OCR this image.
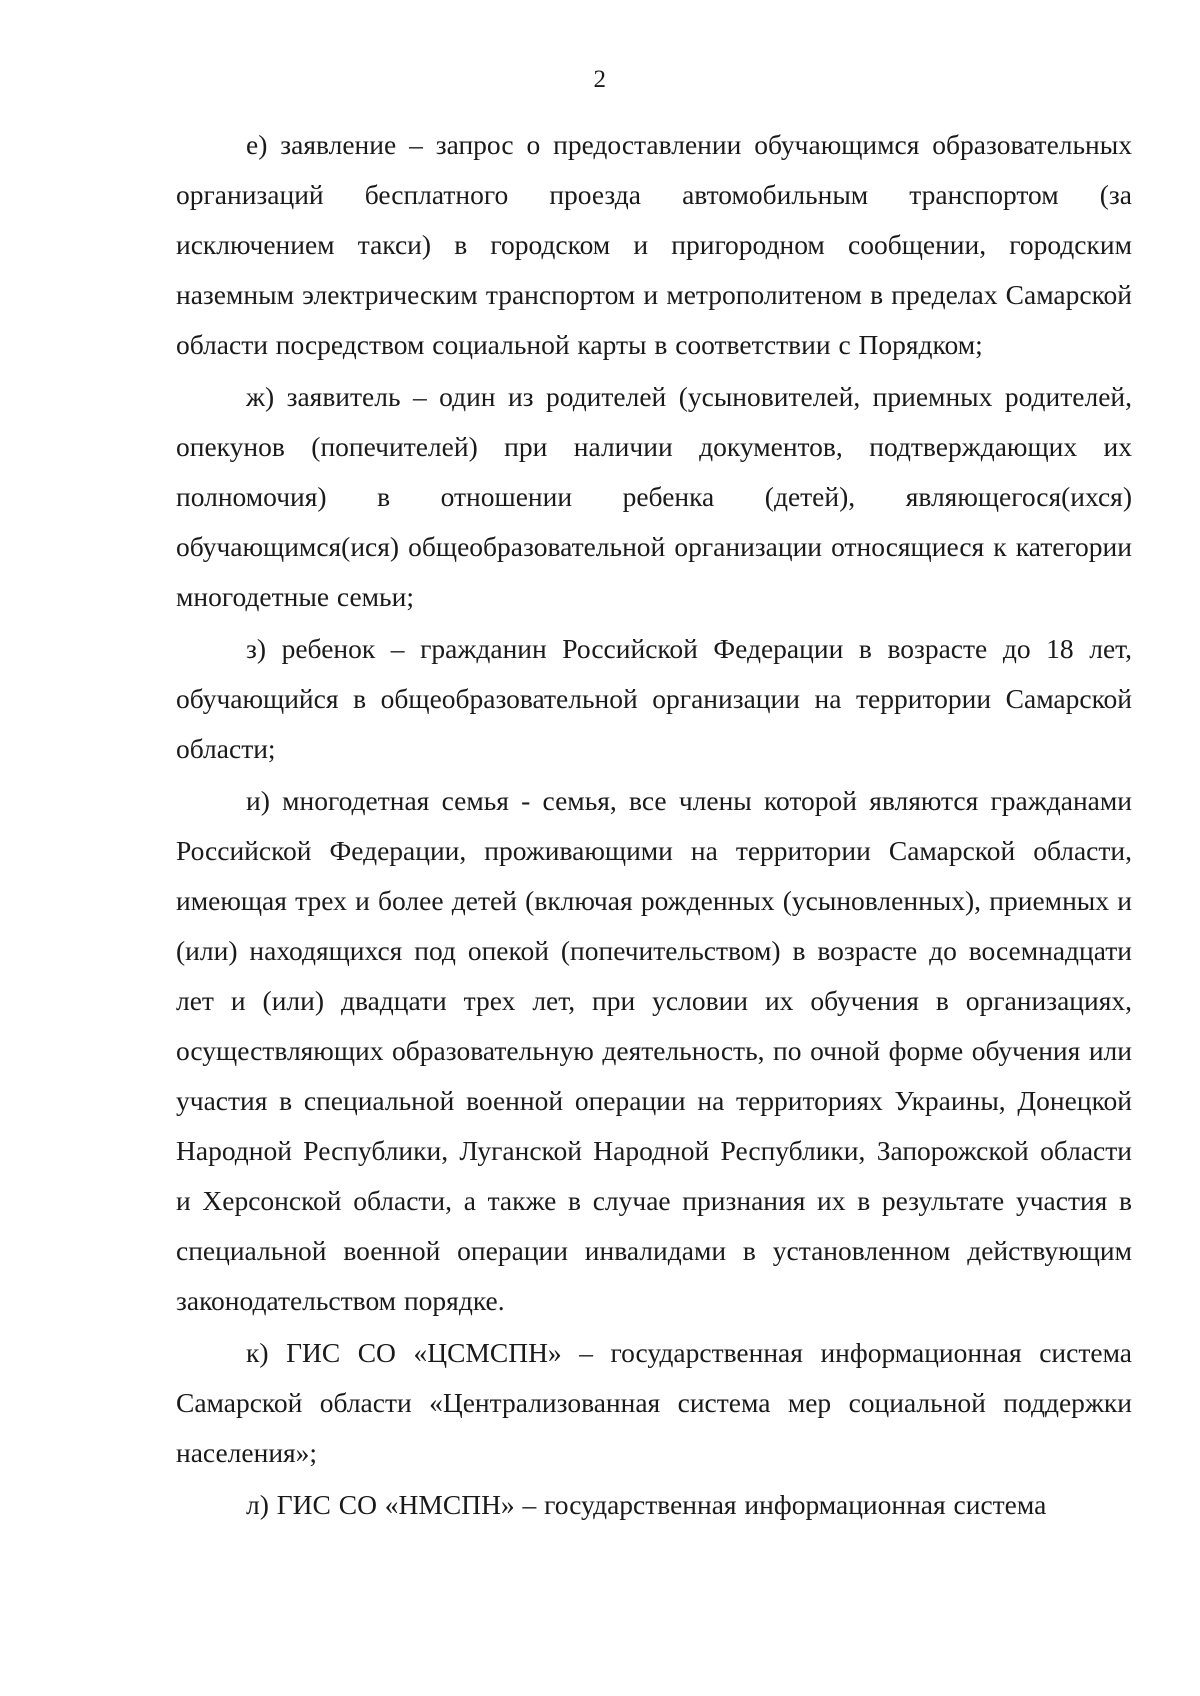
2

е) заявление – запрос о предоставлении обучающимся образовательных организаций бесплатного проезда автомобильным транспортом (за исключением такси) в городском и пригородном сообщении, городским наземным электрическим транспортом и метрополитеном в пределах Самарской области посредством социальной карты в соответствии с Порядком;

ж) заявитель – один из родителей (усыновителей, приемных родителей, опекунов (попечителей) при наличии документов, подтверждающих их полномочия) в отношении ребенка (детей), являющегося(ихся) обучающимся(ися) общеобразовательной организации относящиеся к категории многодетные семьи;

з) ребенок – гражданин Российской Федерации в возрасте до 18 лет, обучающийся в общеобразовательной организации на территории Самарской области;

и) многодетная семья - семья, все члены которой являются гражданами Российской Федерации, проживающими на территории Самарской области, имеющая трех и более детей (включая рожденных (усыновленных), приемных и (или) находящихся под опекой (попечительством) в возрасте до восемнадцати лет и (или) двадцати трех лет, при условии их обучения в организациях, осуществляющих образовательную деятельность, по очной форме обучения или участия в специальной военной операции на территориях Украины, Донецкой Народной Республики, Луганской Народной Республики, Запорожской области и Херсонской области, а также в случае признания их в результате участия в специальной военной операции инвалидами в установленном действующим законодательством порядке.

к) ГИС СО «ЦСМСПН» – государственная информационная система Самарской области «Централизованная система мер социальной поддержки населения»;

л) ГИС СО «НМСПН» – государственная информационная система
